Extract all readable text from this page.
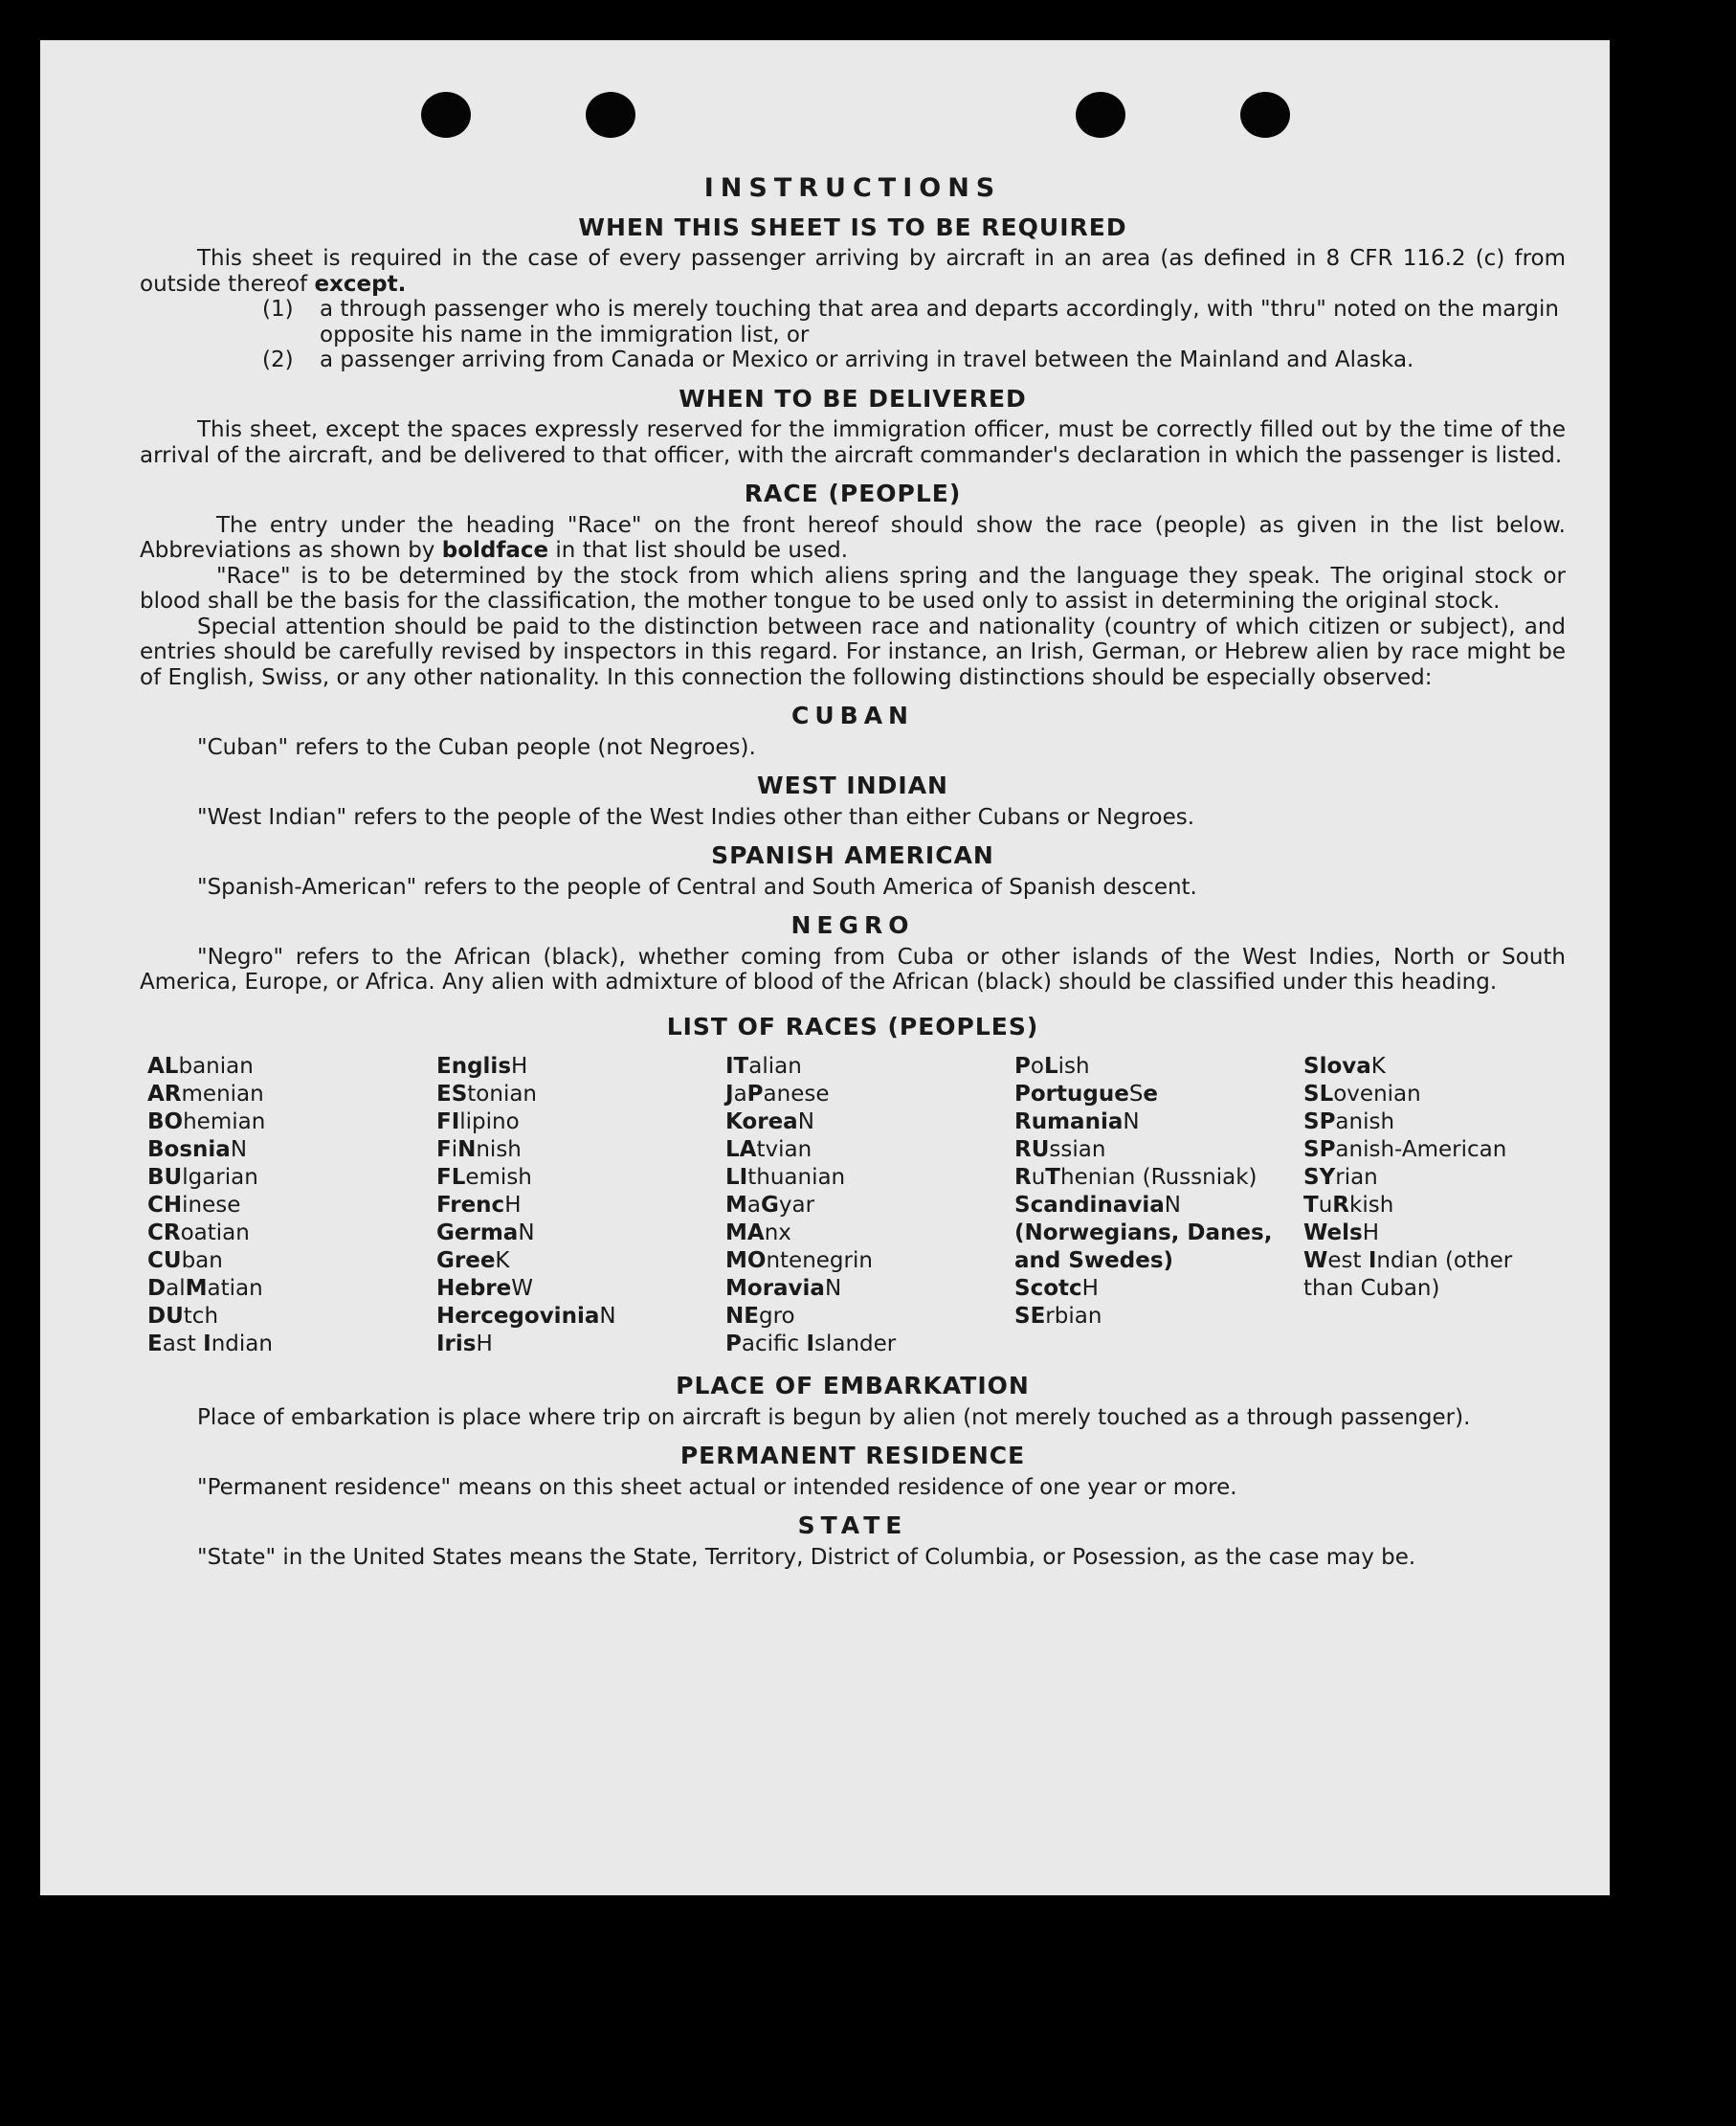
INSTRUCTIONS
WHEN THIS SHEET IS TO BE REQUIRED

This sheet is required in the case of every passenger arriving by aircraft in an area (as defined in 8 CFR 116.2 (c) from outside thereof except.

(1)	a through passenger who is merely touching that area and departs accordingly, with "thru" noted on the margin opposite his name in the immigration list, or
(2)	a passenger arriving from Canada or Mexico or arriving in travel between the Mainland and Alaska.
WHEN TO BE DELIVERED

This sheet, except the spaces expressly reserved for the immigration officer, must be correctly filled out by the time of the arrival of the aircraft, and be delivered to that officer, with the aircraft commander's declaration in which the passenger is listed.

RACE (PEOPLE)

The entry under the heading "Race" on the front hereof should show the race (people) as given in the list below. Abbreviations as shown by boldface in that list should be used.

"Race" is to be determined by the stock from which aliens spring and the language they speak. The original stock or blood shall be the basis for the classification, the mother tongue to be used only to assist in determining the original stock.

Special attention should be paid to the distinction between race and nationality (country of which citizen or subject), and entries should be carefully revised by inspectors in this regard. For instance, an Irish, German, or Hebrew alien by race might be of English, Swiss, or any other nationality. In this connection the following distinctions should be especially observed:

CUBAN

"Cuban" refers to the Cuban people (not Negroes).

WEST INDIAN

"West Indian" refers to the people of the West Indies other than either Cubans or Negroes.

SPANISH AMERICAN

"Spanish-American" refers to the people of Central and South America of Spanish descent.

NEGRO

"Negro" refers to the African (black), whether coming from Cuba or other islands of the West Indies, North or South America, Europe, or Africa. Any alien with admixture of blood of the African (black) should be classified under this heading.

LIST OF RACES (PEOPLES)
ALbanian
ARmenian
BOhemian
BosniaN
BUlgarian
CHinese
CRoatian
CUban
DalMatian
DUtch
East Indian
EnglisH
EStonian
FIlipino
FiNnish
FLemish
FrencH
GermaN
GreeK
HebreW
HercegoviniaN
IrisH
ITalian
JaPanese
KoreaN
LAtvian
LIthuanian
MaGyar
MAnx
MOntenegrin
MoraviaN
NEgro
Pacific Islander
PoLish
PortugueSe
RumaniaN
RUssian
RuThenian (Russniak)
ScandinaviaN (Norwegians, Danes, and Swedes)
ScotcH
SErbian
SlovaK
SLovenian
SPanish
SPanish-American
SYrian
TuRkish
WelsH
West Indian (other than Cuban)
PLACE OF EMBARKATION

Place of embarkation is place where trip on aircraft is begun by alien (not merely touched as a through passenger).

PERMANENT RESIDENCE

"Permanent residence" means on this sheet actual or intended residence of one year or more.

STATE

"State" in the United States means the State, Territory, District of Columbia, or Posession, as the case may be.
